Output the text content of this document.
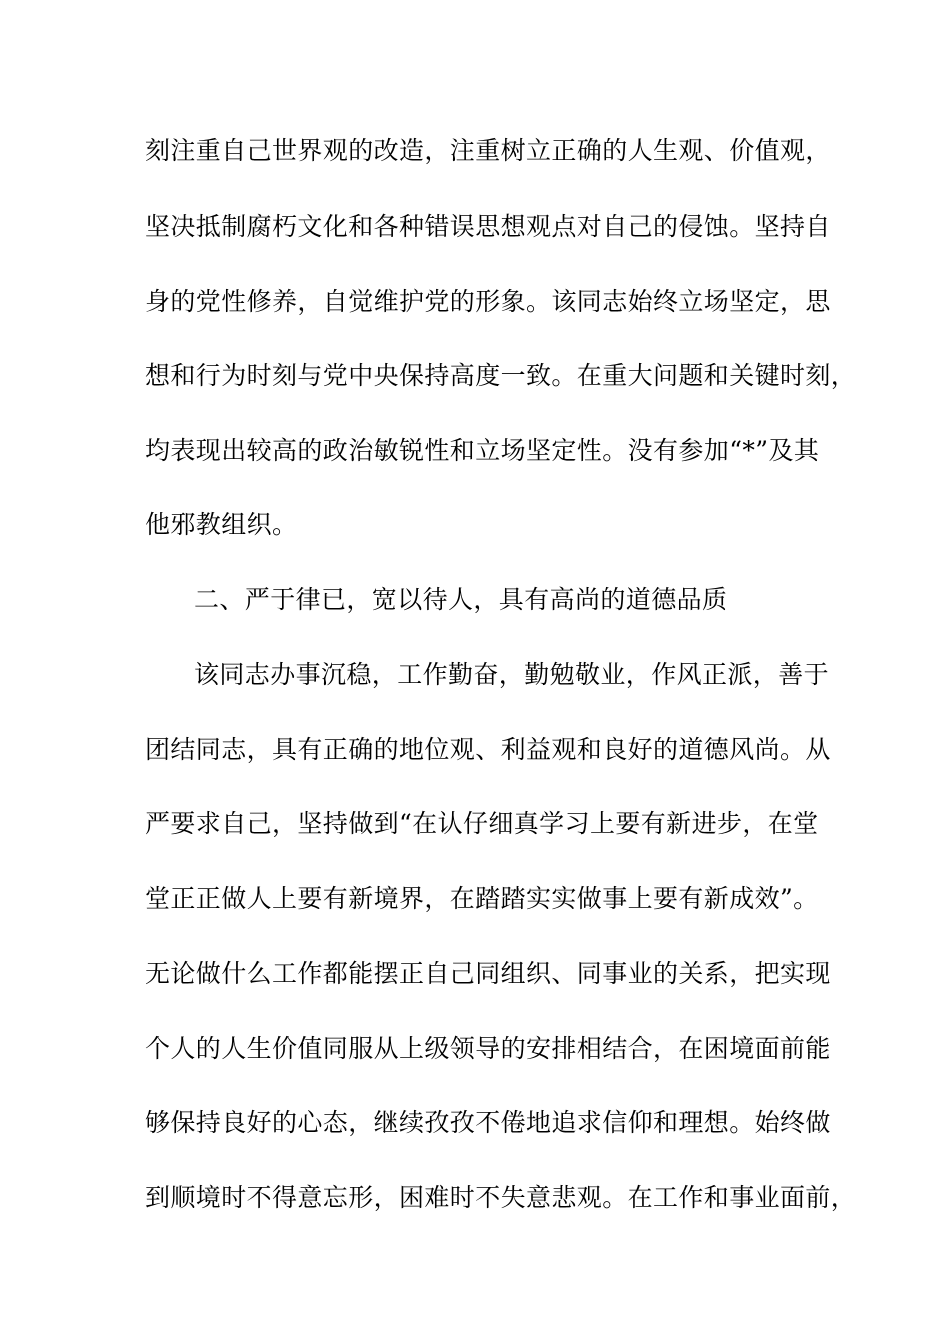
刻注重自己世界观的改造，注重树立正确的人生观、价值观，
坚决抵制腐朽文化和各种错误思想观点对自己的侵蚀。坚持自
身的党性修养，自觉维护党的形象。该同志始终立场坚定，思
想和行为时刻与党中央保持高度一致。在重大问题和关键时刻，
均表现出较高的政治敏锐性和立场坚定性。没有参加“*”及其
他邪教组织。
二、严于律已，宽以待人，具有高尚的道德品质
该同志办事沉稳，工作勤奋，勤勉敬业，作风正派，善于
团结同志，具有正确的地位观、利益观和良好的道德风尚。从
严要求自己，坚持做到“在认仔细真学习上要有新进步，在堂
堂正正做人上要有新境界，在踏踏实实做事上要有新成效”。
无论做什么工作都能摆正自己同组织、同事业的关系，把实现
个人的人生价值同服从上级领导的安排相结合，在困境面前能
够保持良好的心态，继续孜孜不倦地追求信仰和理想。始终做
到顺境时不得意忘形，困难时不失意悲观。在工作和事业面前，
